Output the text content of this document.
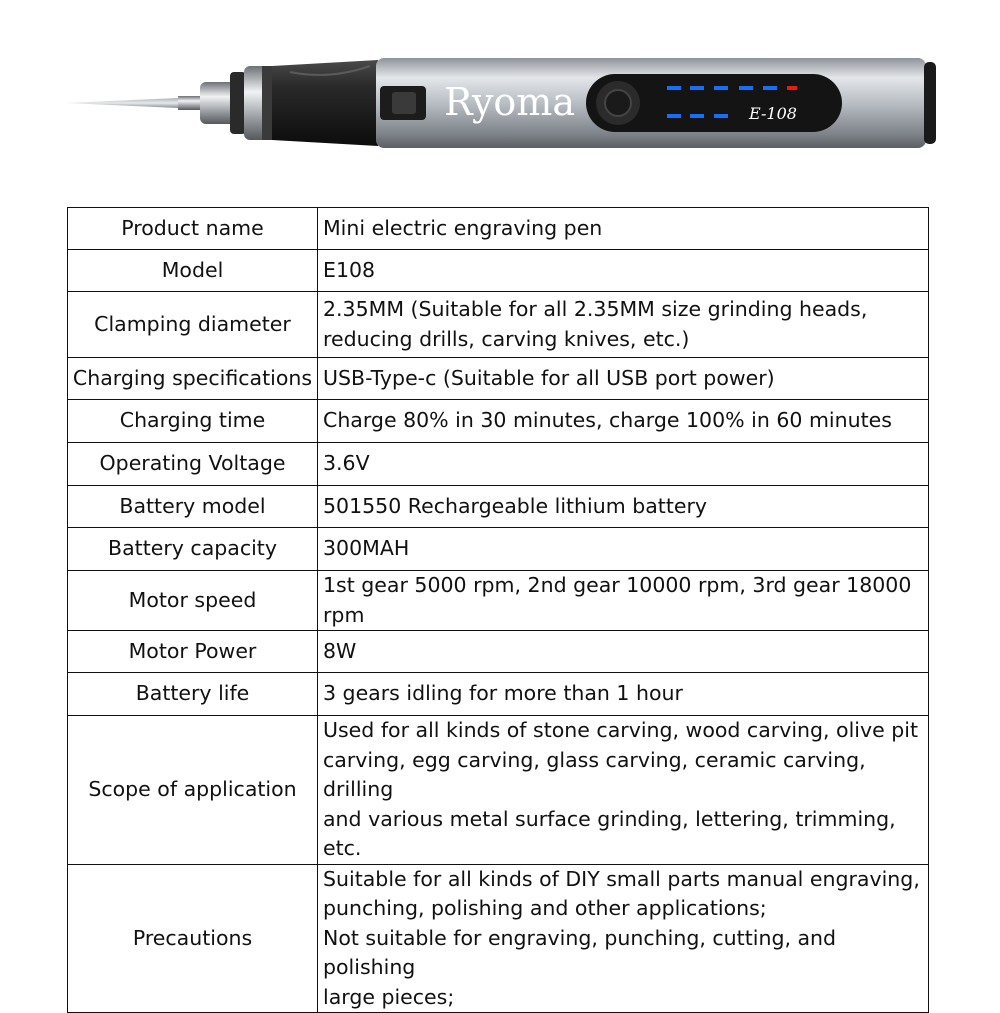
Ryoma	E-108
Product name	Mini electric engraving pen
Model	E108
Clamping diameter	2.35MM (Suitable for all 2.35MM size grinding heads,
reducing drills, carving knives, etc.)

Charging specifications	USB-Type-c (Suitable for all USB port power)
Charging time	Charge 80% in 30 minutes, charge 100% in 60 minutes
Operating Voltage	3.6V
Battery model	501550 Rechargeable lithium battery
Battery capacity	300MAH
Motor speed	1st gear 5000 rpm, 2nd gear 10000 rpm, 3rd gear 18000 rpm
Motor Power	8W
Battery life	3 gears idling for more than 1 hour
Scope of application	Used for all kinds of stone carving, wood carving, olive pit
carving, egg carving, glass carving, ceramic carving, drilling
and various metal surface grinding, lettering, trimming, etc.

Precautions	Suitable for all kinds of DIY small parts manual engraving,
punching, polishing and other applications;
Not suitable for engraving, punching, cutting, and polishing
large pieces;
